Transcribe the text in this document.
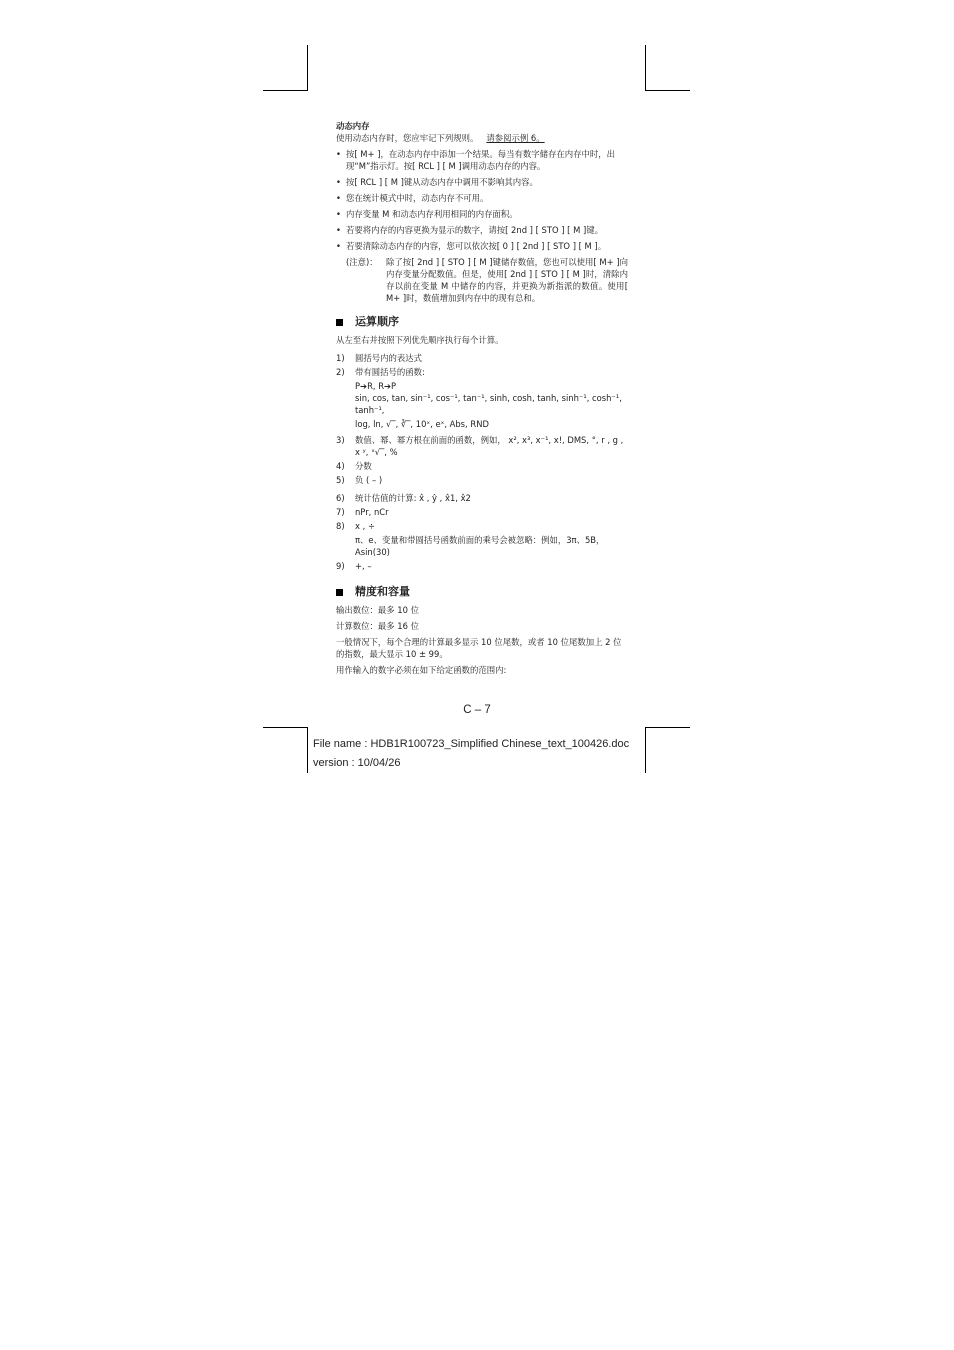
动态内存

使用动态内存时，您应牢记下列规则。 请参阅示例 6。

• 按[ M+ ]，在动态内存中添加一个结果。每当有数字储存在内存中时，出现“M”指示灯。按[ RCL ] [ M ]调用动态内存的内容。
• 按[ RCL ] [ M ]键从动态内存中调用不影响其内容。
• 您在统计模式中时，动态内存不可用。
• 内存变量 M 和动态内存利用相同的内存面积。
• 若要将内存的内容更换为显示的数字，请按[ 2nd ] [ STO ] [ M ]键。
• 若要清除动态内存的内容，您可以依次按[ 0 ] [ 2nd ] [ STO ] [ M ]。
(注意)： 除了按[ 2nd ] [ STO ] [ M ]键储存数值，您也可以使用[ M+ ]向内存变量分配数值。但是，使用[ 2nd ] [ STO ] [ M ]时，清除内存以前在变量 M 中储存的内容，并更换为新指派的数值。使用[ M+ ]时，数值增加到内存中的现有总和。
运算顺序

从左至右并按照下列优先顺序执行每个计算。

1)	圆括号内的表达式
2)	带有圆括号的函数:
P➔R, R➔P
sin, cos, tan, sin⁻¹, cos⁻¹, tan⁻¹, sinh, cosh, tanh, sinh⁻¹, cosh⁻¹, tanh⁻¹,
log, ln, √‾, ∛‾, 10ˣ, eˣ, Abs, RND
3)	数值、幂、幂方根在前面的函数，例如， x², x³, x⁻¹, x!, DMS, °, r , g , x ʸ, ˣ√‾, %
4)	分数
5)	负 ( – )
6)	统计估值的计算: x̂ , ŷ , x̂1, x̂2
7)	nPr, nCr
8)	x , ÷
π、e、变量和带圆括号函数前面的乘号会被忽略：例如，3π、5B，Asin(30)
9)	+, –
精度和容量

输出数位：最多 10 位

计算数位：最多 16 位

一般情况下，每个合理的计算最多显示 10 位尾数，或者 10 位尾数加上 2 位的指数，最大显示 10 ± 99。

用作输入的数字必须在如下给定函数的范围内:

C – 7
File name : HDB1R100723_Simplified Chinese_text_100426.doc
version : 10/04/26
